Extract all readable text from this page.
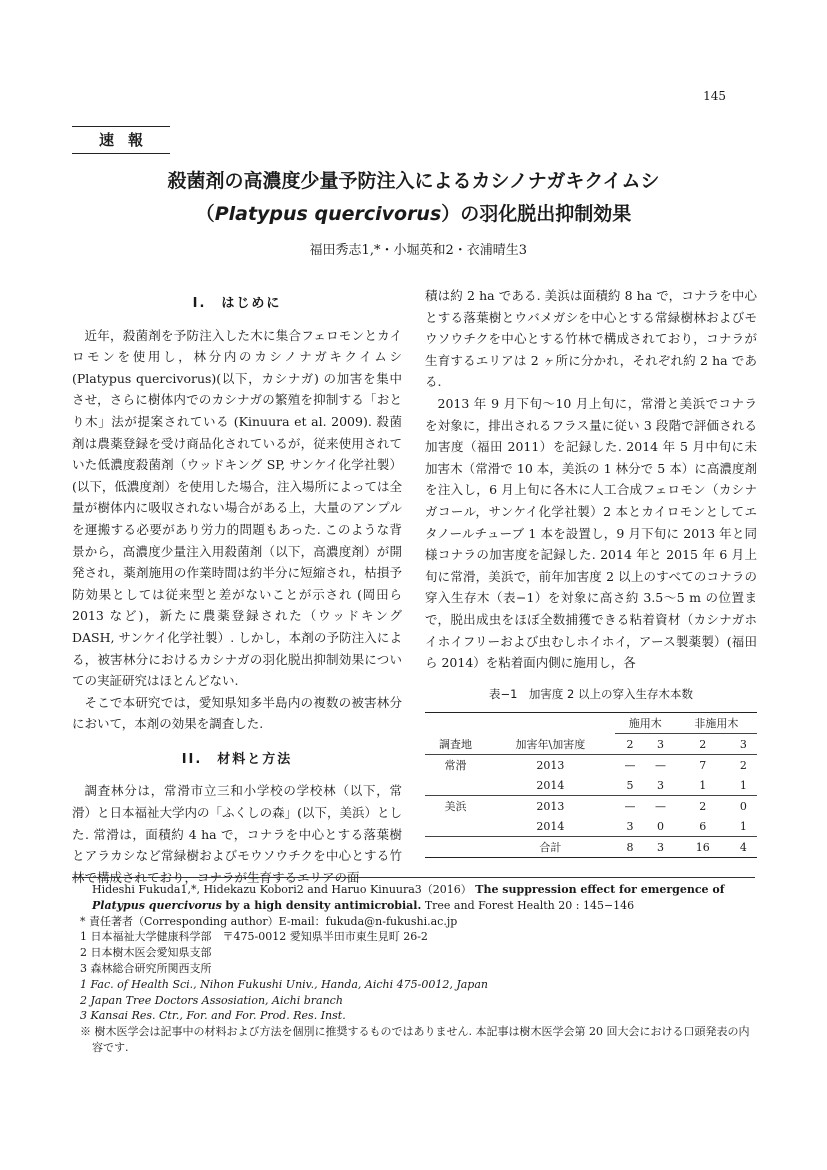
145
速報
殺菌剤の高濃度少量予防注入によるカシノナガキクイムシ
（Platypus quercivorus）の羽化脱出抑制効果
福田秀志1,*・小堀英和2・衣浦晴生3
I.　はじめに

近年，殺菌剤を予防注入した木に集合フェロモンとカイロモンを使用し，林分内のカシノナガキクイムシ(Platypus quercivorus)(以下，カシナガ) の加害を集中させ，さらに樹体内でのカシナガの繁殖を抑制する「おとり木」法が提案されている (Kinuura et al. 2009). 殺菌剤は農薬登録を受け商品化されているが，従来使用されていた低濃度殺菌剤（ウッドキング SP, サンケイ化学社製）(以下，低濃度剤）を使用した場合，注入場所によっては全量が樹体内に吸収されない場合がある上，大量のアンプルを運搬する必要があり労力的問題もあった. このような背景から，高濃度少量注入用殺菌剤（以下，高濃度剤）が開発され，薬剤施用の作業時間は約半分に短縮され，枯損予防効果としては従来型と差がないことが示され (岡田ら 2013 など)，新たに農薬登録された（ウッドキング DASH, サンケイ化学社製）. しかし，本剤の予防注入による，被害林分におけるカシナガの羽化脱出抑制効果についての実証研究はほとんどない.

そこで本研究では，愛知県知多半島内の複数の被害林分において，本剤の効果を調査した.

II.　材料と方法

調査林分は，常滑市立三和小学校の学校林（以下，常滑）と日本福祉大学内の「ふくしの森」(以下，美浜）とした. 常滑は，面積約 4 ha で，コナラを中心とする落葉樹とアラカシなど常緑樹およびモウソウチクを中心とする竹林で構成されており，コナラが生育するエリアの面

積は約 2 ha である. 美浜は面積約 8 ha で，コナラを中心とする落葉樹とウバメガシを中心とする常緑樹林およびモウソウチクを中心とする竹林で構成されており，コナラが生育するエリアは 2 ヶ所に分かれ，それぞれ約 2 ha である.

2013 年 9 月下旬〜10 月上旬に，常滑と美浜でコナラを対象に，排出されるフラス量に従い 3 段階で評価される加害度（福田 2011）を記録した. 2014 年 5 月中旬に未加害木（常滑で 10 本，美浜の 1 林分で 5 本）に高濃度剤を注入し，6 月上旬に各木に人工合成フェロモン（カシナガコール，サンケイ化学社製）2 本とカイロモンとしてエタノールチューブ 1 本を設置し，9 月下旬に 2013 年と同様コナラの加害度を記録した. 2014 年と 2015 年 6 月上旬に常滑，美浜で，前年加害度 2 以上のすべてのコナラの穿入生存木（表−1）を対象に高さ約 3.5〜5 m の位置まで，脱出成虫をほぼ全数捕獲できる粘着資材（カシナガホイホイフリーおよび虫むしホイホイ，アース製薬製）(福田ら 2014）を粘着面内側に施用し，各

表−1　加害度 2 以上の穿入生存木本数
		施用木		非施用木	
調査地	加害年\加害度	2	3	2	3
常滑	2013	—	—	7	2
	2014	5	3	1	1
美浜	2013	—	—	2	0
	2014	3	0	6	1
	合計	8	3	16	4
Hideshi Fukuda1,*, Hidekazu Kobori2 and Haruo Kinuura3（2016） The suppression effect for emergence of Platypus quercivorus by a high density antimicrobial. Tree and Forest Health 20 : 145−146
* 責任著者（Corresponding author）E-mail：fukuda@n-fukushi.ac.jp
1 日本福祉大学健康科学部　〒475-0012 愛知県半田市東生見町 26-2
2 日本樹木医会愛知県支部
3 森林総合研究所関西支所
1 Fac. of Health Sci., Nihon Fukushi Univ., Handa, Aichi 475-0012, Japan
2 Japan Tree Doctors Assosiation, Aichi branch
3 Kansai Res. Ctr., For. and For. Prod. Res. Inst.
※ 樹木医学会は記事中の材料および方法を個別に推奨するものではありません. 本記事は樹木医学会第 20 回大会における口頭発表の内容です.
